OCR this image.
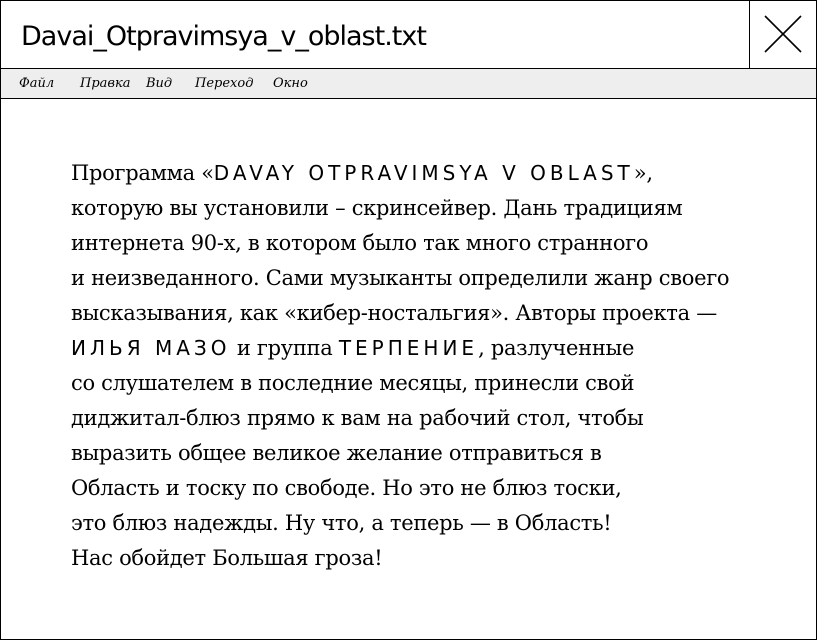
Davai_Otpravimsya_v_oblast.txt
Файл Правка Вид Переход Окно
Программа «DAVAY OTPRAVIMSYA V OBLAST»,
которую вы установили – скринсейвер. Дань традициям
интернета 90-х, в котором было так много странного
и неизведанного. Сами музыканты определили жанр своего
высказывания, как «кибер-ностальгия». Авторы проекта —
ИЛЬЯ МАЗО и группа ТЕРПЕНИЕ, разлученные
со слушателем в последние месяцы, принесли свой
диджитал-блюз прямо к вам на рабочий стол, чтобы
выразить общее великое желание отправиться в
Область и тоску по свободе. Но это не блюз тоски,
это блюз надежды. Ну что, а теперь — в Область!
Нас обойдет Большая гроза!
